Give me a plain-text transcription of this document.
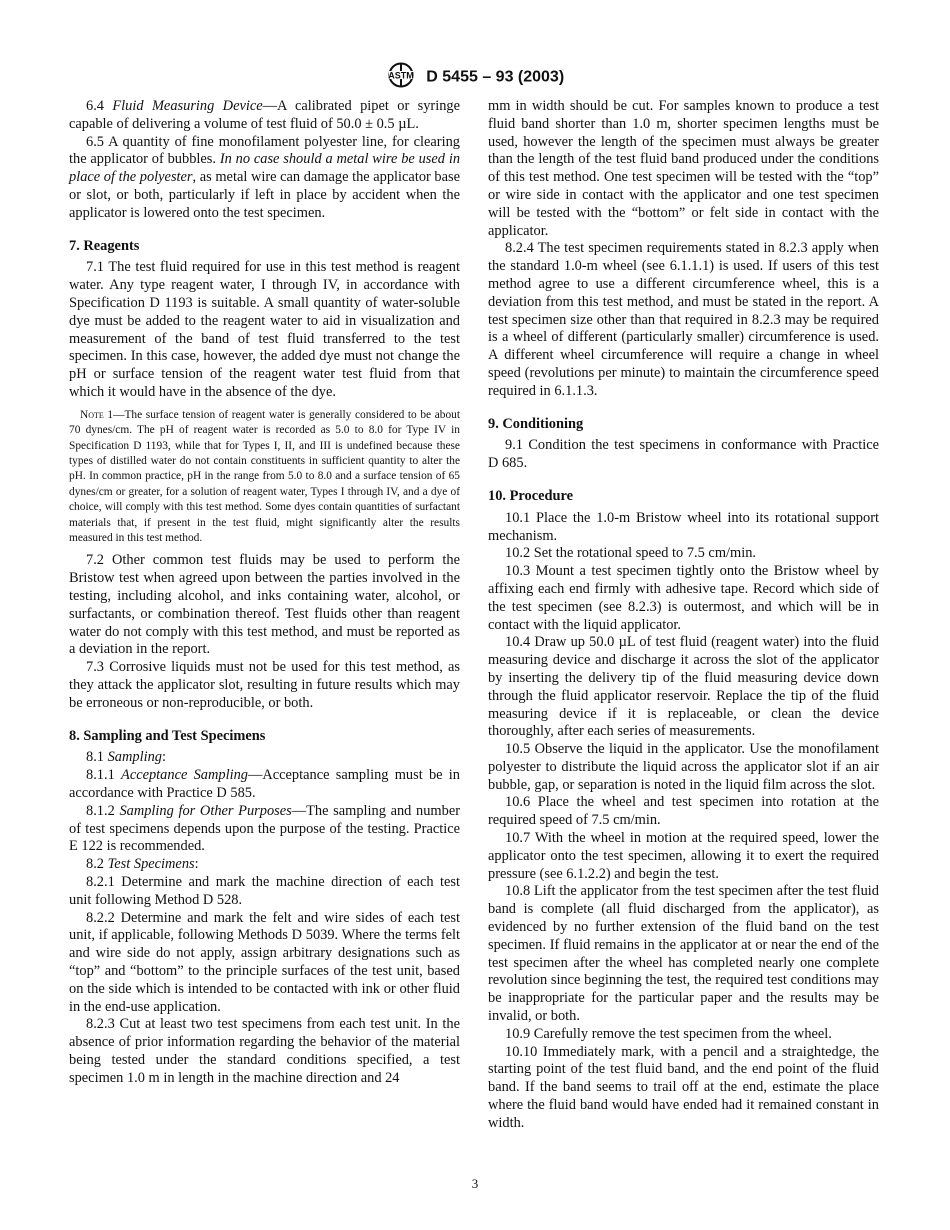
ASTM D 5455 – 93 (2003)

6.4 Fluid Measuring Device—A calibrated pipet or syringe capable of delivering a volume of test fluid of 50.0 ± 0.5 µL.

6.5 A quantity of fine monofilament polyester line, for clearing the applicator of bubbles. In no case should a metal wire be used in place of the polyester, as metal wire can damage the applicator base or slot, or both, particularly if left in place by accident when the applicator is lowered onto the test specimen.

7. Reagents

7.1 The test fluid required for use in this test method is reagent water. Any type reagent water, I through IV, in accordance with Specification D 1193 is suitable. A small quantity of water-soluble dye must be added to the reagent water to aid in visualization and measurement of the band of test fluid transferred to the test specimen. In this case, however, the added dye must not change the pH or surface tension of the reagent water test fluid from that which it would have in the absence of the dye.

Note 1—The surface tension of reagent water is generally considered to be about 70 dynes/cm. The pH of reagent water is recorded as 5.0 to 8.0 for Type IV in Specification D 1193, while that for Types I, II, and III is undefined because these types of distilled water do not contain constituents in sufficient quantity to alter the pH. In common practice, pH in the range from 5.0 to 8.0 and a surface tension of 65 dynes/cm or greater, for a solution of reagent water, Types I through IV, and a dye of choice, will comply with this test method. Some dyes contain quantities of surfactant materials that, if present in the test fluid, might significantly alter the results measured in this test method.

7.2 Other common test fluids may be used to perform the Bristow test when agreed upon between the parties involved in the testing, including alcohol, and inks containing water, alcohol, or surfactants, or combination thereof. Test fluids other than reagent water do not comply with this test method, and must be reported as a deviation in the report.

7.3 Corrosive liquids must not be used for this test method, as they attack the applicator slot, resulting in future results which may be erroneous or non-reproducible, or both.

8. Sampling and Test Specimens

8.1 Sampling:

8.1.1 Acceptance Sampling—Acceptance sampling must be in accordance with Practice D 585.

8.1.2 Sampling for Other Purposes—The sampling and number of test specimens depends upon the purpose of the testing. Practice E 122 is recommended.

8.2 Test Specimens:

8.2.1 Determine and mark the machine direction of each test unit following Method D 528.

8.2.2 Determine and mark the felt and wire sides of each test unit, if applicable, following Methods D 5039. Where the terms felt and wire side do not apply, assign arbitrary designations such as “top” and “bottom” to the principle surfaces of the test unit, based on the side which is intended to be contacted with ink or other fluid in the end-use application.

8.2.3 Cut at least two test specimens from each test unit. In the absence of prior information regarding the behavior of the material being tested under the standard conditions specified, a test specimen 1.0 m in length in the machine direction and 24

mm in width should be cut. For samples known to produce a test fluid band shorter than 1.0 m, shorter specimen lengths must be used, however the length of the specimen must always be greater than the length of the test fluid band produced under the conditions of this test method. One test specimen will be tested with the “top” or wire side in contact with the applicator and one test specimen will be tested with the “bottom” or felt side in contact with the applicator.

8.2.4 The test specimen requirements stated in 8.2.3 apply when the standard 1.0-m wheel (see 6.1.1.1) is used. If users of this test method agree to use a different circumference wheel, this is a deviation from this test method, and must be stated in the report. A test specimen size other than that required in 8.2.3 may be required is a wheel of different (particularly smaller) circumference is used. A different wheel circumference will require a change in wheel speed (revolutions per minute) to maintain the circumference speed required in 6.1.1.3.

9. Conditioning

9.1 Condition the test specimens in conformance with Practice D 685.

10. Procedure

10.1 Place the 1.0-m Bristow wheel into its rotational support mechanism.

10.2 Set the rotational speed to 7.5 cm/min.

10.3 Mount a test specimen tightly onto the Bristow wheel by affixing each end firmly with adhesive tape. Record which side of the test specimen (see 8.2.3) is outermost, and which will be in contact with the liquid applicator.

10.4 Draw up 50.0 µL of test fluid (reagent water) into the fluid measuring device and discharge it across the slot of the applicator by inserting the delivery tip of the fluid measuring device down through the fluid applicator reservoir. Replace the tip of the fluid measuring device if it is replaceable, or clean the device thoroughly, after each series of measurements.

10.5 Observe the liquid in the applicator. Use the monofilament polyester to distribute the liquid across the applicator slot if an air bubble, gap, or separation is noted in the liquid film across the slot.

10.6 Place the wheel and test specimen into rotation at the required speed of 7.5 cm/min.

10.7 With the wheel in motion at the required speed, lower the applicator onto the test specimen, allowing it to exert the required pressure (see 6.1.2.2) and begin the test.

10.8 Lift the applicator from the test specimen after the test fluid band is complete (all fluid discharged from the applicator), as evidenced by no further extension of the fluid band on the test specimen. If fluid remains in the applicator at or near the end of the test specimen after the wheel has completed nearly one complete revolution since beginning the test, the required test conditions may be inappropriate for the particular paper and the results may be invalid, or both.

10.9 Carefully remove the test specimen from the wheel.

10.10 Immediately mark, with a pencil and a straightedge, the starting point of the test fluid band, and the end point of the fluid band. If the band seems to trail off at the end, estimate the place where the fluid band would have ended had it remained constant in width.

3
